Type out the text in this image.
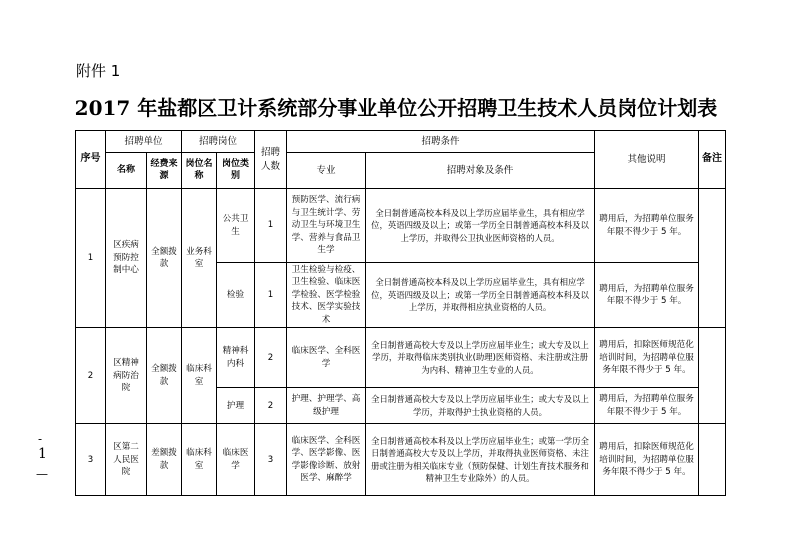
附件 1
2017 年盐都区卫计系统部分事业单位公开招聘卫生技术人员岗位计划表
序号	招聘单位		招聘岗位		招聘人数	招聘条件		其他说明	备注
	名称	经费来源	岗位名称	岗位类别		专业	招聘对象及条件		
1	区疾病预防控制中心	全额拨款	业务科室	公共卫生	1	预防医学、流行病与卫生统计学、劳动卫生与环境卫生学、营养与食品卫生学	全日制普通高校本科及以上学历应届毕业生，具有相应学位，英语四级及以上；或第一学历全日制普通高校本科及以上学历，并取得公卫执业医师资格的人员。	聘用后，为招聘单位服务年限不得少于 5 年。	
				检验	1	卫生检验与检疫、卫生检验、临床医学检验、医学检验技术、医学实验技术	全日制普通高校本科及以上学历应届毕业生，具有相应学位，英语四级及以上；或第一学历全日制普通高校本科及以上学历，并取得相应执业资格的人员。	聘用后，为招聘单位服务年限不得少于 5 年。	
2	区精神病防治院	全额拨款	临床科室	精神科内科	2	临床医学、全科医学	全日制普通高校大专及以上学历应届毕业生；或大专及以上学历，并取得临床类别执业(助理)医师资格、未注册或注册为内科、精神卫生专业的人员。	聘用后，扣除医师规范化培训时间，为招聘单位服务年限不得少于 5 年。	
				护理	2	护理、护理学、高级护理	全日制普通高校大专及以上学历应届毕业生；或大专及以上学历，并取得护士执业资格的人员。	聘用后，为招聘单位服务年限不得少于 5 年。	
3	区第二人民医院	差额拨款	临床科室	临床医学	3	临床医学、全科医学、医学影像、医学影像诊断、放射医学、麻醉学	全日制普通高校本科及以上学历应届毕业生；或第一学历全日制普通高校大专及以上学历，并取得执业医师资格、未注册或注册为相关临床专业（预防保健、计划生育技术服务和精神卫生专业除外）的人员。	聘用后，扣除医师规范化培训时间，为招聘单位服务年限不得少于 5 年。	
-
1
—
